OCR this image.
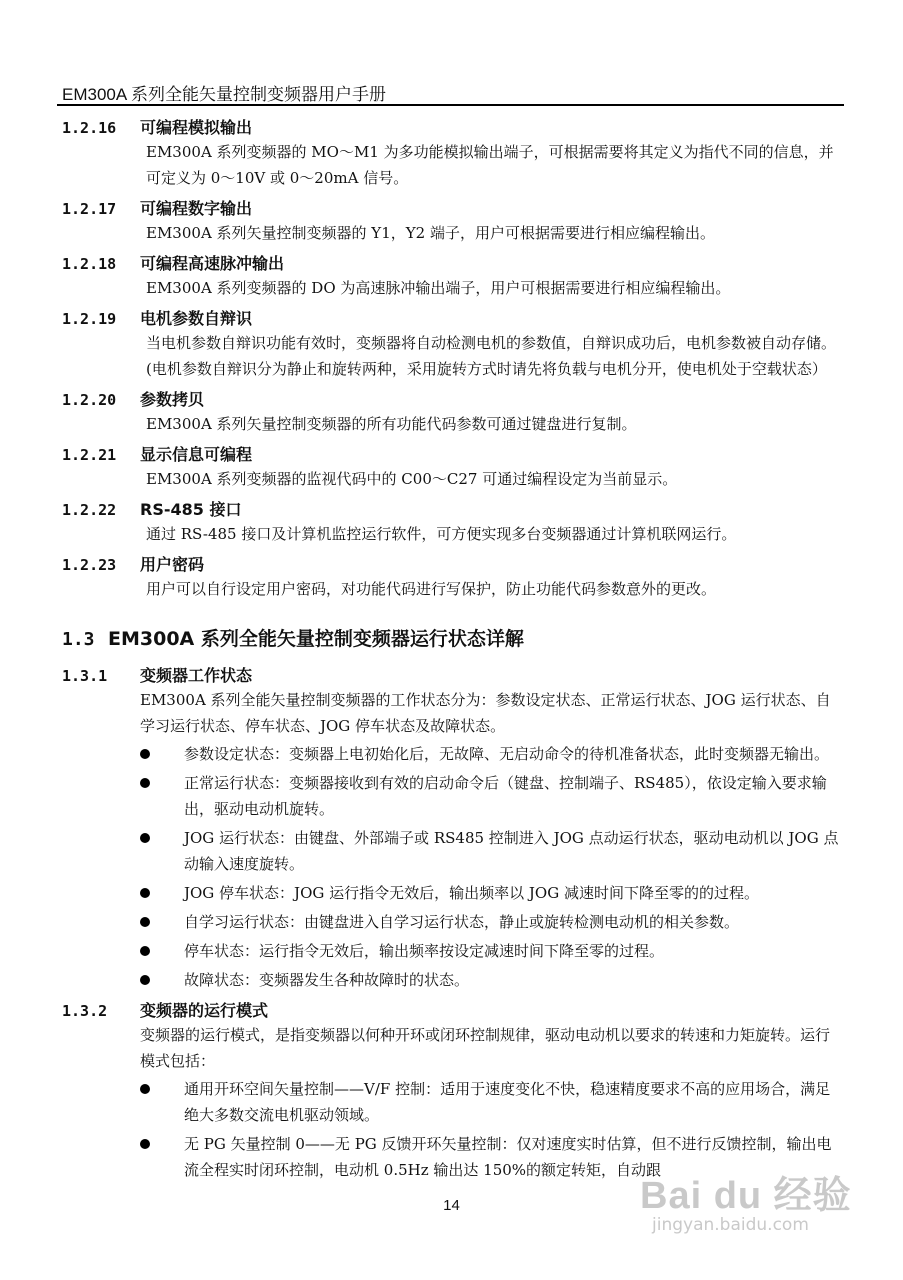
EM300A 系列全能矢量控制变频器用户手册
1.2.16	可编程模拟输出
EM300A 系列变频器的 MO～M1 为多功能模拟输出端子，可根据需要将其定义为指代不同的信息，并可定义为 0～10V 或 0～20mA 信号。
1.2.17	可编程数字输出
EM300A 系列矢量控制变频器的 Y1，Y2 端子，用户可根据需要进行相应编程输出。
1.2.18	可编程高速脉冲输出
EM300A 系列变频器的 DO 为高速脉冲输出端子，用户可根据需要进行相应编程输出。
1.2.19	电机参数自辩识
当电机参数自辩识功能有效时，变频器将自动检测电机的参数值，自辩识成功后，电机参数被自动存储。(电机参数自辩识分为静止和旋转两种，采用旋转方式时请先将负载与电机分开，使电机处于空载状态）
1.2.20	参数拷贝
EM300A 系列矢量控制变频器的所有功能代码参数可通过键盘进行复制。
1.2.21	显示信息可编程
EM300A 系列变频器的监视代码中的 C00～C27 可通过编程设定为当前显示。
1.2.22	RS-485 接口
通过 RS-485 接口及计算机监控运行软件，可方便实现多台变频器通过计算机联网运行。
1.2.23	用户密码
用户可以自行设定用户密码，对功能代码进行写保护，防止功能代码参数意外的更改。
1.3 EM300A 系列全能矢量控制变频器运行状态详解
1.3.1	变频器工作状态
EM300A 系列全能矢量控制变频器的工作状态分为：参数设定状态、正常运行状态、JOG 运行状态、自学习运行状态、停车状态、JOG 停车状态及故障状态。
参数设定状态：变频器上电初始化后，无故障、无启动命令的待机准备状态，此时变频器无输出。
正常运行状态：变频器接收到有效的启动命令后（键盘、控制端子、RS485），依设定输入要求输出，驱动电动机旋转。
JOG 运行状态：由键盘、外部端子或 RS485 控制进入 JOG 点动运行状态，驱动电动机以 JOG 点动输入速度旋转。
JOG 停车状态：JOG 运行指令无效后，输出频率以 JOG 减速时间下降至零的的过程。
自学习运行状态：由键盘进入自学习运行状态，静止或旋转检测电动机的相关参数。
停车状态：运行指令无效后，输出频率按设定减速时间下降至零的过程。
故障状态：变频器发生各种故障时的状态。
1.3.2	变频器的运行模式
变频器的运行模式，是指变频器以何种开环或闭环控制规律，驱动电动机以要求的转速和力矩旋转。运行模式包括：
通用开环空间矢量控制——V/F 控制：适用于速度变化不快，稳速精度要求不高的应用场合，满足绝大多数交流电机驱动领域。
无 PG 矢量控制 0——无 PG 反馈开环矢量控制：仅对速度实时估算，但不进行反馈控制，输出电流全程实时闭环控制，电动机 0.5Hz 输出达 150%的额定转矩，自动跟
Bai du 经验
jingyan.baidu.com
14
